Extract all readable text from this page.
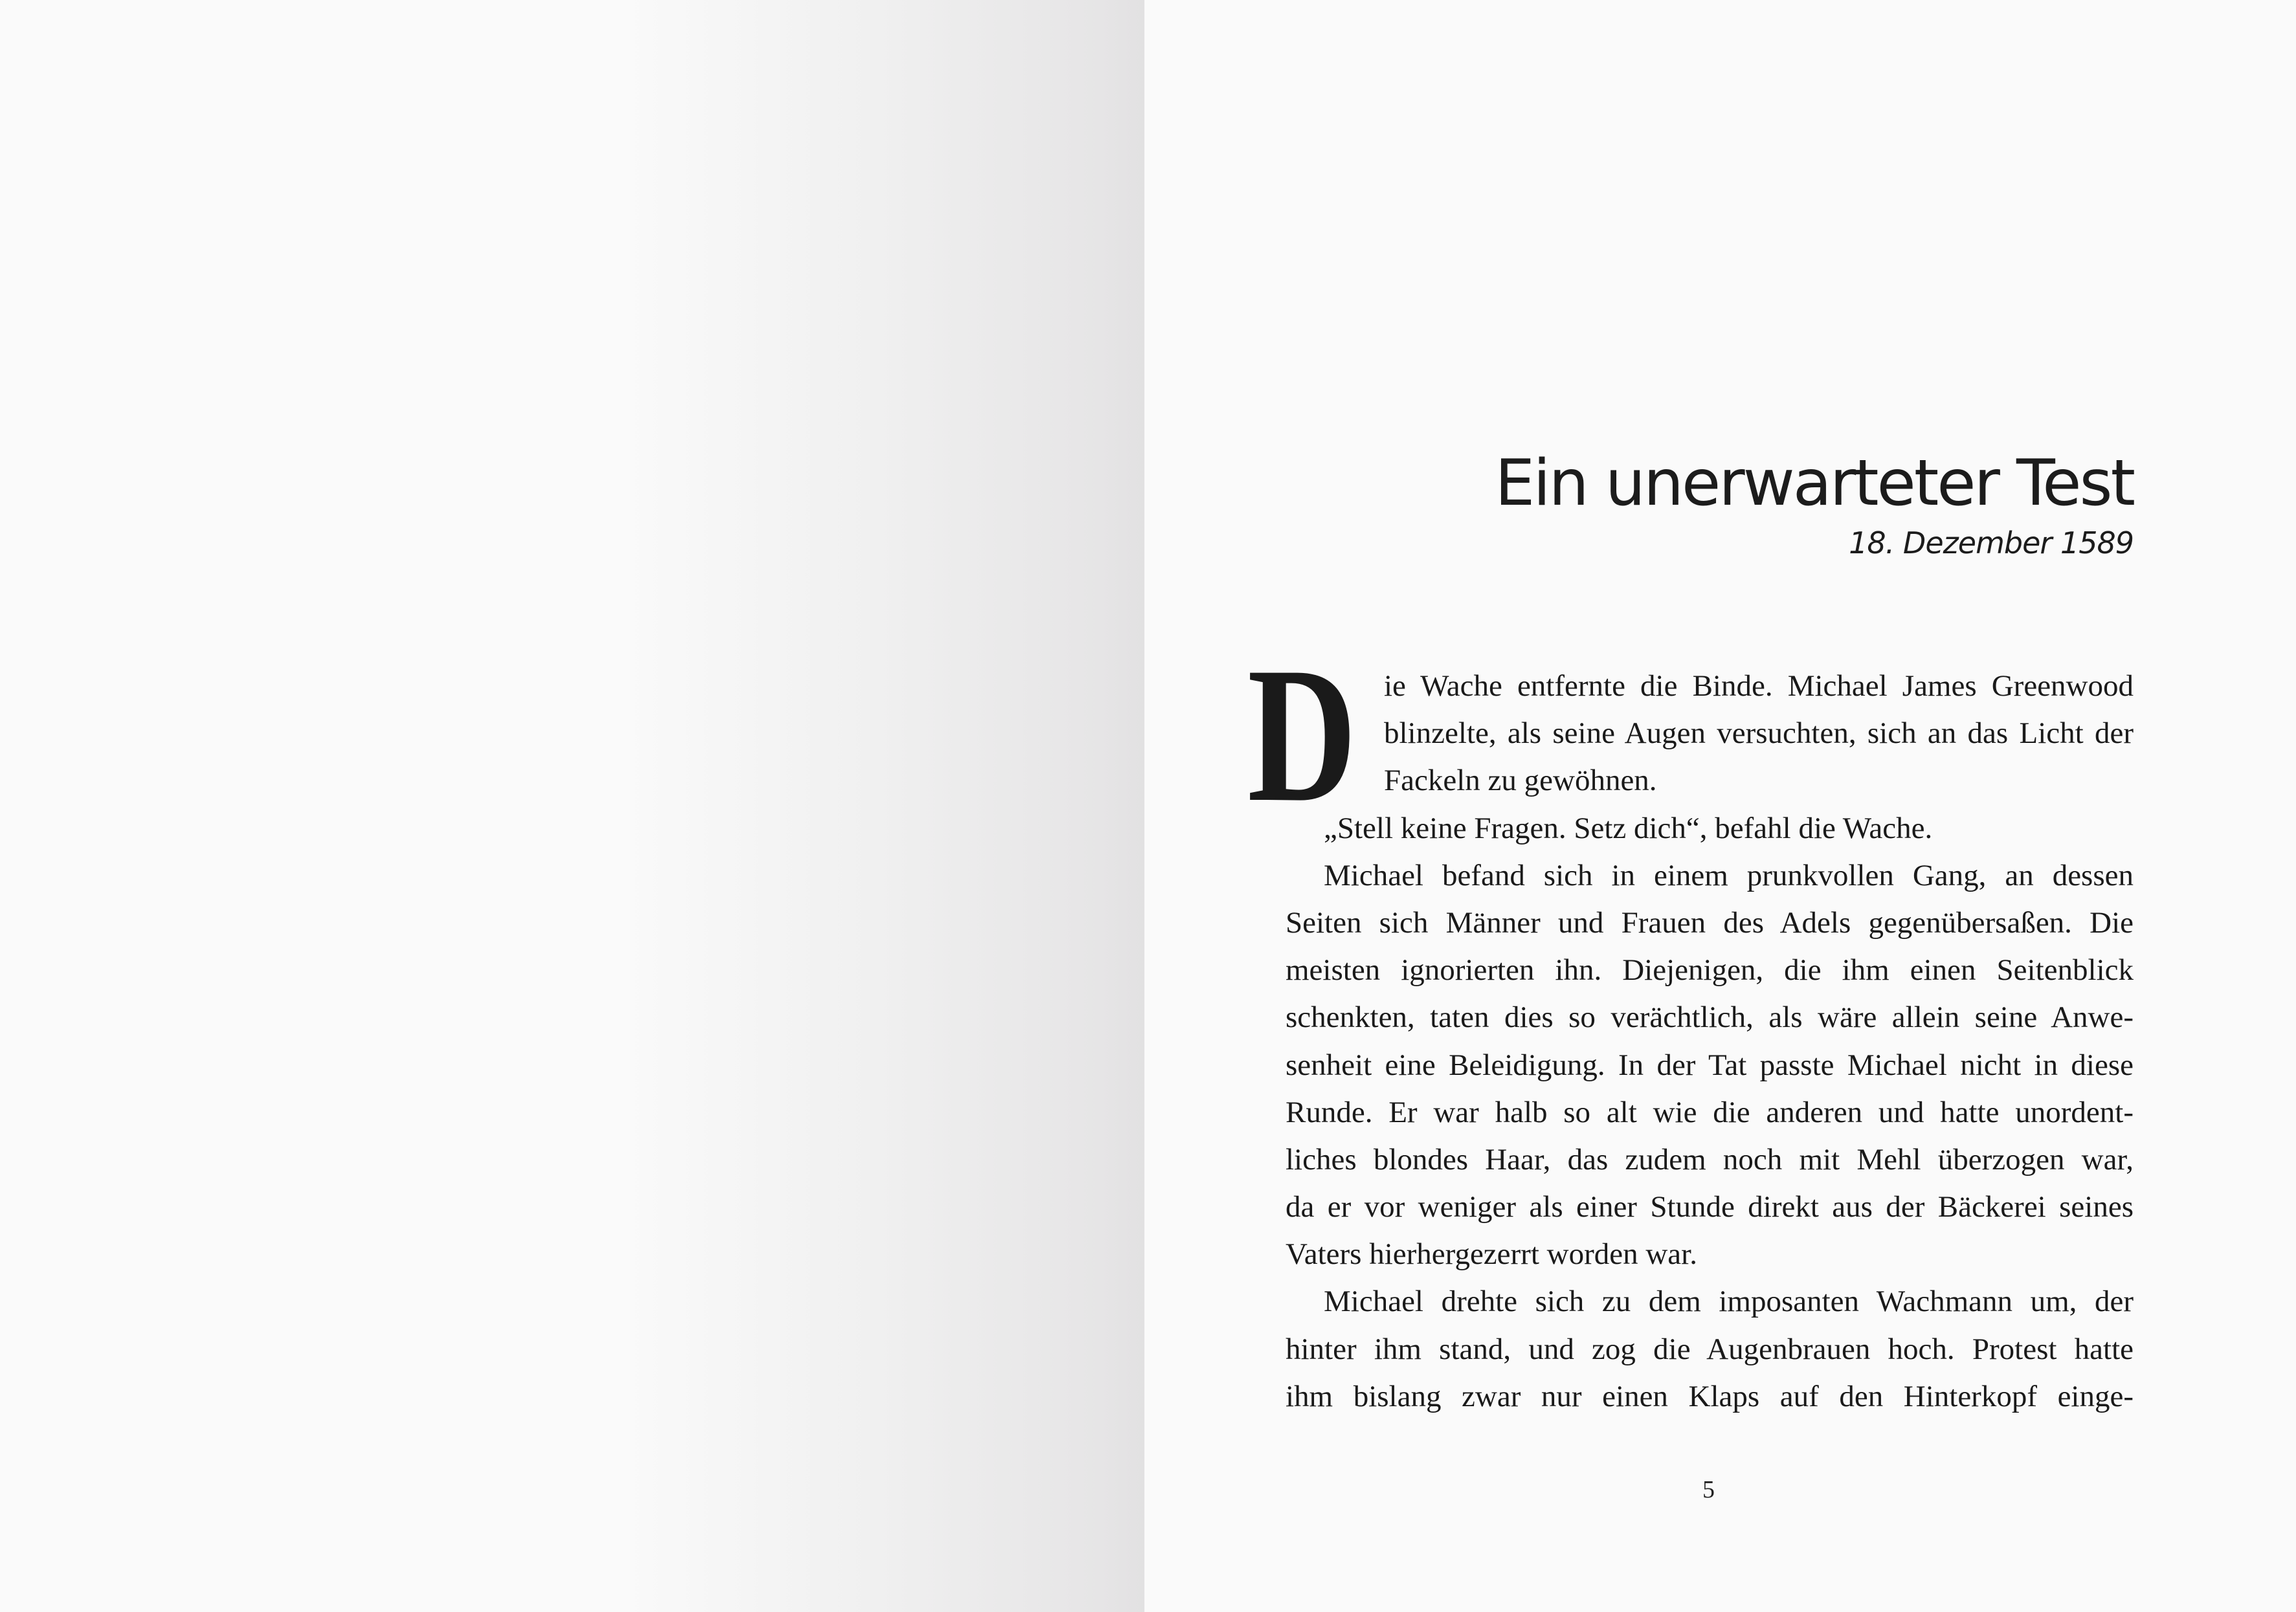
Ein unerwarteter Test
18. Dezember 1589
D ie Wache entfernte die Binde. Michael James Greenwood
blinzelte, als seine Augen versuchten, sich an das Licht der
Fackeln zu gewöhnen.
„Stell keine Fragen. Setz dich“, befahl die Wache.
Michael befand sich in einem prunkvollen Gang, an dessen
Seiten sich Männer und Frauen des Adels gegenübersaßen. Die
meisten ignorierten ihn. Diejenigen, die ihm einen Seitenblick
schenkten, taten dies so verächtlich, als wäre allein seine Anwe-
senheit eine Beleidigung. In der Tat passte Michael nicht in diese
Runde. Er war halb so alt wie die anderen und hatte unordent-
liches blondes Haar, das zudem noch mit Mehl überzogen war,
da er vor weniger als einer Stunde direkt aus der Bäckerei seines
Vaters hierhergezerrt worden war.
Michael drehte sich zu dem imposanten Wachmann um, der
hinter ihm stand, und zog die Augenbrauen hoch. Protest hatte
ihm bislang zwar nur einen Klaps auf den Hinterkopf einge-
5
